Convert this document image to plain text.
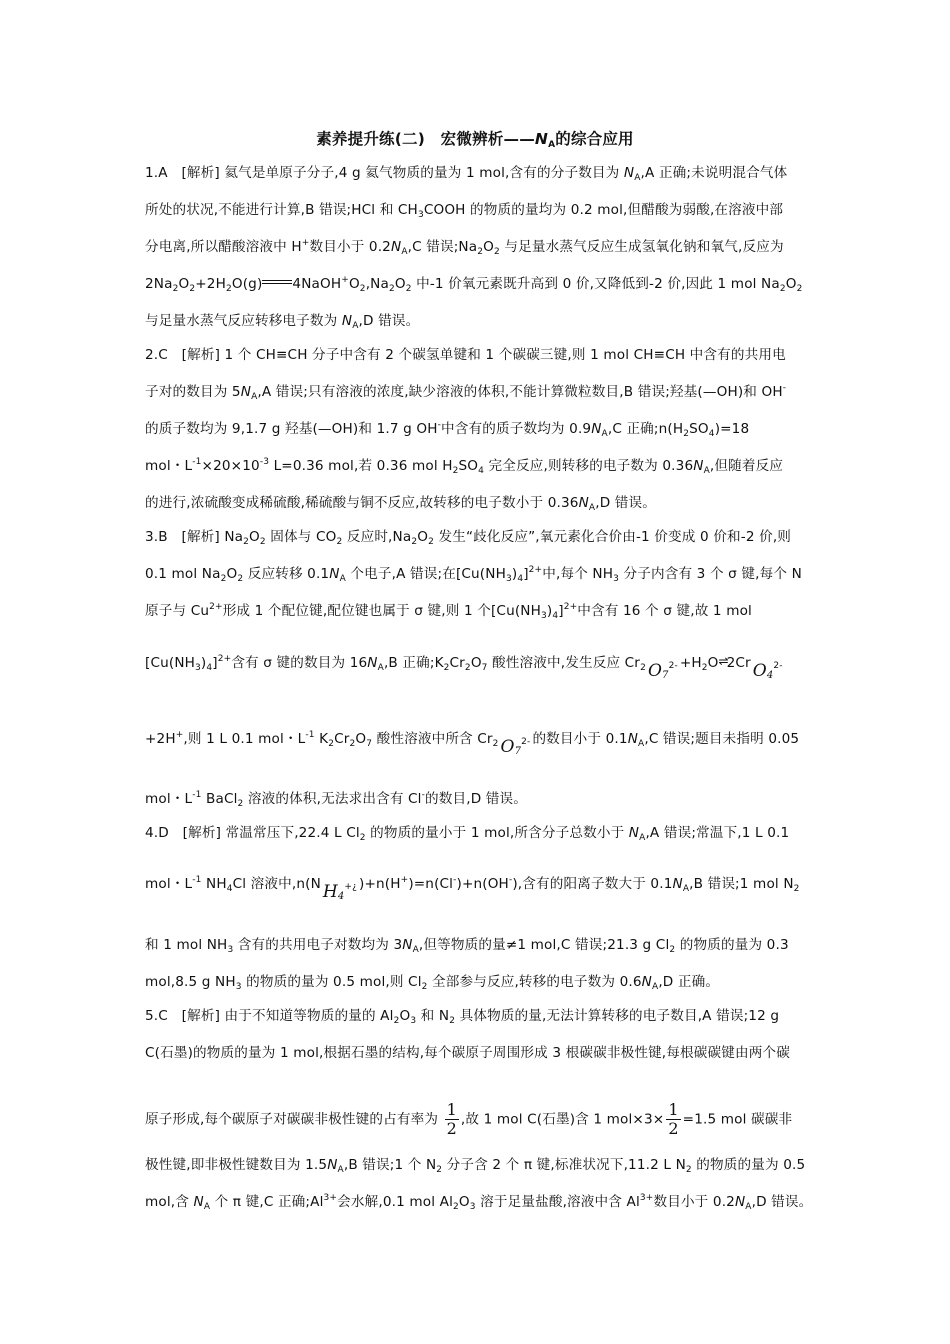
素养提升练(二)　宏微辨析$——N_A$的综合应用
1.A　[解析] 氦气是单原子分子,4 g 氦气物质的量为 1 mol,含有的分子数目为 $N_A,A$ 正确;未说明混合气体
所处的状况,不能进行计算,B 错误;HCl 和 $CH_3COOH$ 的物质的量均为 0.2 mol,但醋酸为弱酸,在溶液中部
分电离,所以醋酸溶液中 H+数目小于 $0.2N_A,C$ 错误$;Na_2O_2$ 与足量水蒸气反应生成氢氧化钠和氧气,反应为
$2Na_2O_2+2H_2O(g)$ $4NaOH^+O_2,Na_2O_2$ 中-1 价氧元素既升高到 0 价,又降低到-2 价,因此 1 mol $Na_2O_2$
与足量水蒸气反应转移电子数为 $N_A,D$ 错误。
2.C　[解析] 1 个 CH≡CH 分子中含有 2 个碳氢单键和 1 个碳碳三键,则 1 mol CH≡CH 中含有的共用电
子对的数目为 $5N_A,A$ 错误;只有溶液的浓度,缺少溶液的体积,不能计算微粒数目,B 错误;羟基(—OH)和 OH-
的质子数均为 9,1.7 g 羟基(—OH)和 1.7 g OH-中含有的质子数均为 $0.9N_A,C$ 正确$;n(H_2SO_4)=18$
mol・$L^{-1}\times 20\times 10^{-3}$ L=0.36 mol,若 0.36 mol $H_2SO_4$ 完全反应,则转移的电子数为 $0.36N_A$,但随着反应
的进行,浓硫酸变成稀硫酸,稀硫酸与铜不反应,故转移的电子数小于 $0.36N_A,D$ 错误。
3.B　[解析] $Na_2O_2$ 固体与 $CO_2$ 反应时$,Na_2O_2$ 发生“歧化反应”,氧元素化合价由-1 价变成 0 价和-2 价,则
0.1 mol $Na_2O_2$ 反应转移 $0.1N_A$ 个电子,A 错误;在$[Cu(NH_3)_4]^{2+}$中,每个 $NH_3$ 分子内含有 3 个 σ 键,每个 N
原子与 $Cu^{2+}$形成 1 个配位键,配位键也属于 σ 键,则 1 个$[Cu(NH_3)_4]^{2+}$中含有 16 个 σ 键,故 1 mol
$[Cu(NH_3)_4]^{2+}$含有 σ 键的数目为 $16N_A,B$ 正确$;K_2Cr_2O_7$ 酸性溶液中,发生反应 $Cr_2$ $O_7^{2-}$ $+H_2O\rightleftharpoons 2Cr$ $O_4^{2-}$
+2H+,则 1 L 0.1 mol・$L^{-1}$ $K_2Cr_2O_7$ 酸性溶液中所含 $Cr_2$ $O_7^{2-}$ 的数目小于 $0.1N_A,C$ 错误;题目未指明 0.05
mol・$L^{-1}$ BaCl$_2$ 溶液的体积,无法求出含有 Cl-的数目,D 错误。
4.D　[解析] 常温常压下,22.4 L $Cl_2$ 的物质的量小于 1 mol,所含分子总数小于 $N_A,A$ 错误;常温下,1 L 0.1
mol・$L^{-1}$ $NH_4Cl$ 溶液中,n(N $H_4^{+¿}$ )+n(H+)=n(Cl-)+n(OH-),含有的阳离子数大于 $0.1N_A,B$ 错误;1 mol $N_2$
和 1 mol $NH_3$ 含有的共用电子对数均为 $3N_A$,但等物质的量≠1 mol,C 错误;21.3 g $Cl_2$ 的物质的量为 0.3
mol,8.5 g $NH_3$ 的物质的量为 0.5 mol,则 $Cl_2$ 全部参与反应,转移的电子数为 $0.6N_A,D$ 正确。
5.C　[解析] 由于不知道等物质的量的 $Al_2O_3$ 和 $N_2$ 具体物质的量,无法计算转移的电子数目,A 错误;12 g
C(石墨)的物质的量为 1 mol,根据石墨的结构,每个碳原子周围形成 3 根碳碳非极性键,每根碳碳键由两个碳
原子形成,每个碳原子对碳碳非极性键的占有率为 $\frac{1}{2}$ ,故 1 mol C(石墨)含 1 $mol\times 3\times \frac{1}{2} =1.5$ mol 碳碳非
极性键,即非极性键数目为 $1.5N_A,B$ 错误;1 个 $N_2$ 分子含 2 个 π 键,标准状况下,11.2 L $N_2$ 的物质的量为 0.5
mol,含 $N_A$ 个 π 键,C 正确$;Al^{3+}$会水解,0.1 mol $Al_2O_3$ 溶于足量盐酸,溶液中含 $Al^{3+}$数目小于 $0.2N_A,D$ 错误。
